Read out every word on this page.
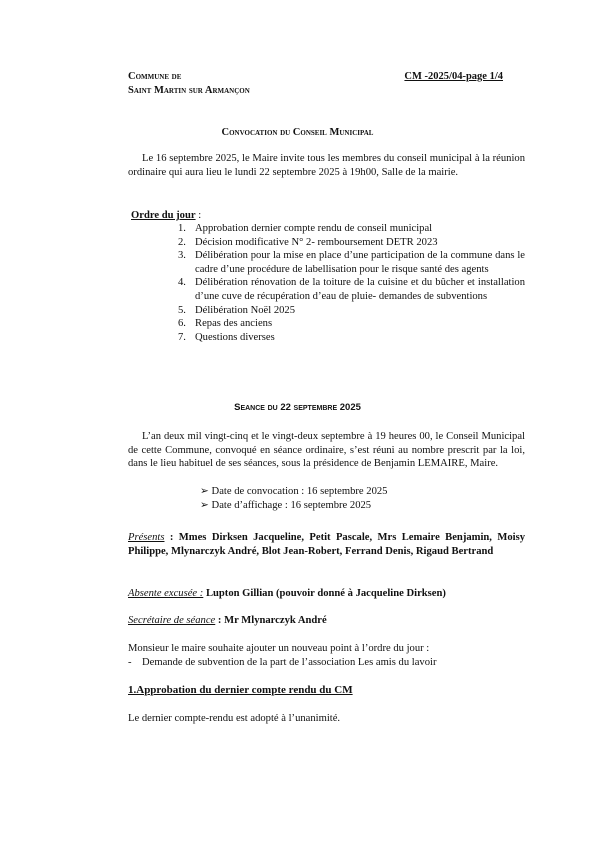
Commune de
Saint Martin sur Armançon
CM -2025/04-page 1/4
Convocation du Conseil Municipal
Le 16 septembre 2025, le Maire invite tous les membres du conseil municipal à la réunion ordinaire qui aura lieu le lundi 22 septembre 2025 à 19h00, Salle de la mairie.
Ordre du jour :
1. Approbation dernier compte rendu de conseil municipal
2. Décision modificative N° 2- remboursement DETR 2023
3. Délibération pour la mise en place d’une participation de la commune dans le cadre d’une procédure de labellisation pour le risque santé des agents
4. Délibération rénovation de la toiture de la cuisine et du bûcher et installation d’une cuve de récupération d’eau de pluie- demandes de subventions
5. Délibération Noël 2025
6. Repas des anciens
7. Questions diverses
Seance du 22 septembre 2025
L’an deux mil vingt-cinq et le vingt-deux septembre à 19 heures 00, le Conseil Municipal de cette Commune, convoqué en séance ordinaire, s’est réuni au nombre prescrit par la loi, dans le lieu habituel de ses séances, sous la présidence de Benjamin LEMAIRE, Maire.
➢ Date de convocation : 16 septembre 2025
➢ Date d’affichage : 16 septembre 2025
Présents : Mmes Dirksen Jacqueline, Petit Pascale, Mrs Lemaire Benjamin, Moisy Philippe, Mlynarczyk André, Blot Jean-Robert, Ferrand Denis, Rigaud Bertrand
Absente excusée : Lupton Gillian (pouvoir donné à Jacqueline Dirksen)
Secrétaire de séance : Mr Mlynarczyk André
Monsieur le maire souhaite ajouter un nouveau point à l’ordre du jour :
- Demande de subvention de la part de l’association Les amis du lavoir
1.Approbation du dernier compte rendu du CM
Le dernier compte-rendu est adopté à l’unanimité.
